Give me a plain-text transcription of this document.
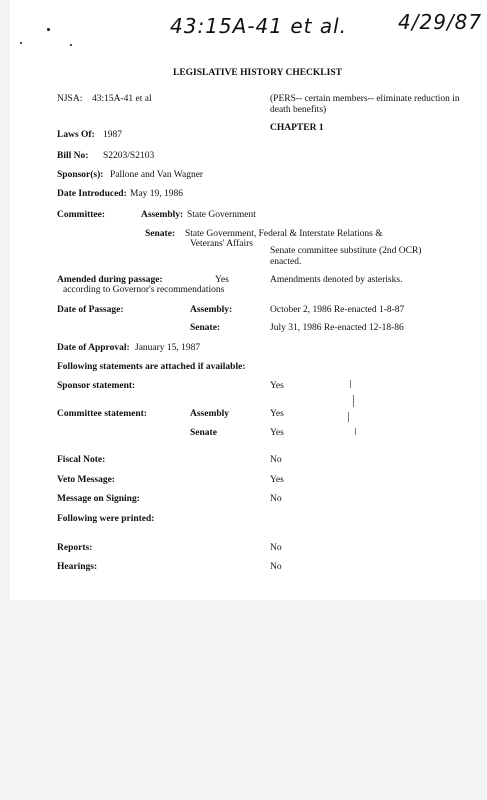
43:15A-41 et al.	4/29/87
LEGISLATIVE HISTORY CHECKLIST
NJSA: 43:15A-41 et al	(PERS-- certain members-- eliminate reduction in death benefits)
CHAPTER 1
Laws Of: 1987
Bill No: S2203/S2103
Sponsor(s): Pallone and Van Wagner
Date Introduced: May 19, 1986
Committee:	Assembly: State Government
Senate: State Government, Federal & Interstate Relations &
Veterans' Affairs
Senate committee substitute (2nd OCR) enacted.
Amended during passage:	Yes
according to Governor's recommendations
Amendments denoted by asterisks.
Date of Passage:	Assembly:	October 2, 1986 Re-enacted 1-8-87
Senate:	July 31, 1986 Re-enacted 12-18-86
Date of Approval: January 15, 1987
Following statements are attached if available:
Sponsor statement:	Yes
Committee statement:	Assembly	Yes
Senate	Yes
Fiscal Note:	No
Veto Message:	Yes
Message on Signing:	No
Following were printed:
Reports:	No
Hearings:	No
